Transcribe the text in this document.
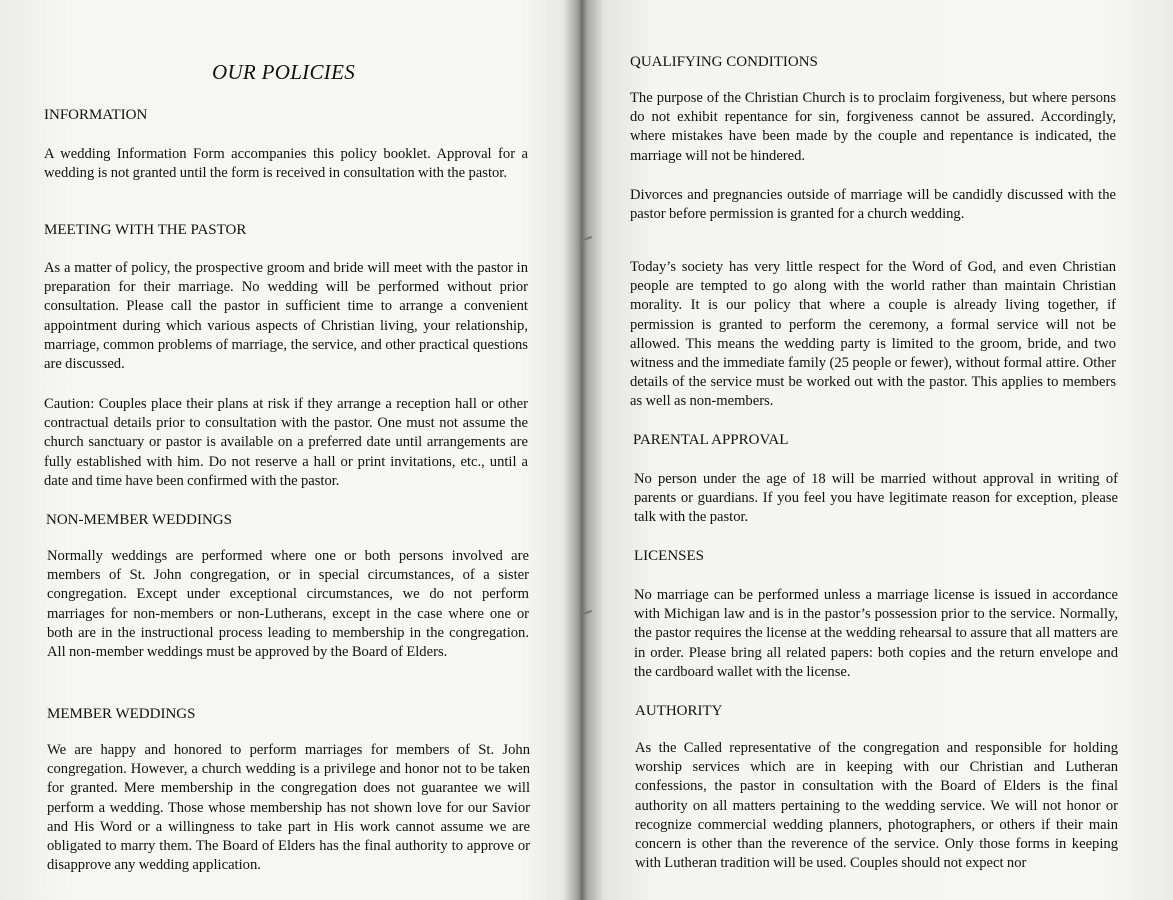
OUR POLICIES
INFORMATION
A wedding Information Form accompanies this policy booklet. Approval for a wedding is not granted until the form is received in consultation with the pastor.
MEETING WITH THE PASTOR
As a matter of policy, the prospective groom and bride will meet with the pastor in preparation for their marriage. No wedding will be performed without prior consultation. Please call the pastor in sufficient time to arrange a convenient appointment during which various aspects of Christian living, your relationship, marriage, common problems of marriage, the service, and other practical questions are discussed.
Caution: Couples place their plans at risk if they arrange a reception hall or other contractual details prior to consultation with the pastor. One must not assume the church sanctuary or pastor is available on a preferred date until arrangements are fully established with him. Do not reserve a hall or print invitations, etc., until a date and time have been confirmed with the pastor.
NON-MEMBER WEDDINGS
Normally weddings are performed where one or both persons involved are members of St. John congregation, or in special circumstances, of a sister congregation. Except under exceptional circumstances, we do not perform marriages for non-members or non-Lutherans, except in the case where one or both are in the instructional process leading to membership in the congregation. All non-member weddings must be approved by the Board of Elders.
MEMBER WEDDINGS
We are happy and honored to perform marriages for members of St. John congregation. However, a church wedding is a privilege and honor not to be taken for granted. Mere membership in the congregation does not guarantee we will perform a wedding. Those whose membership has not shown love for our Savior and His Word or a willingness to take part in His work cannot assume we are obligated to marry them. The Board of Elders has the final authority to approve or disapprove any wedding application.
QUALIFYING CONDITIONS
The purpose of the Christian Church is to proclaim forgiveness, but where persons do not exhibit repentance for sin, forgiveness cannot be assured. Accordingly, where mistakes have been made by the couple and repentance is indicated, the marriage will not be hindered.
Divorces and pregnancies outside of marriage will be candidly discussed with the pastor before permission is granted for a church wedding.
Today’s society has very little respect for the Word of God, and even Christian people are tempted to go along with the world rather than maintain Christian morality. It is our policy that where a couple is already living together, if permission is granted to perform the ceremony, a formal service will not be allowed. This means the wedding party is limited to the groom, bride, and two witness and the immediate family (25 people or fewer), without formal attire. Other details of the service must be worked out with the pastor. This applies to members as well as non-members.
PARENTAL APPROVAL
No person under the age of 18 will be married without approval in writing of parents or guardians. If you feel you have legitimate reason for exception, please talk with the pastor.
LICENSES
No marriage can be performed unless a marriage license is issued in accordance with Michigan law and is in the pastor’s possession prior to the service. Normally, the pastor requires the license at the wedding rehearsal to assure that all matters are in order. Please bring all related papers: both copies and the return envelope and the cardboard wallet with the license.
AUTHORITY
As the Called representative of the congregation and responsible for holding worship services which are in keeping with our Christian and Lutheran confessions, the pastor in consultation with the Board of Elders is the final authority on all matters pertaining to the wedding service. We will not honor or recognize commercial wedding planners, photographers, or others if their main concern is other than the reverence of the service. Only those forms in keeping with Lutheran tradition will be used. Couples should not expect nor
